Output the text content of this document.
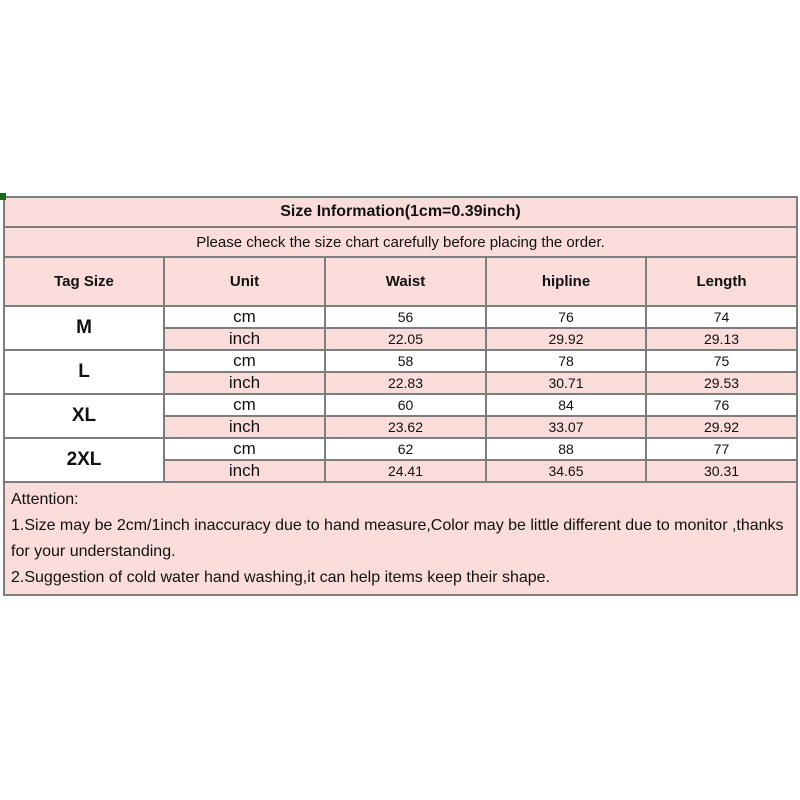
Size Information(1cm=0.39inch)				
Please check the size chart carefully before placing the order.				
Tag Size	Unit	Waist	hipline	Length
M	cm	56	76	74
	inch	22.05	29.92	29.13
L	cm	58	78	75
	inch	22.83	30.71	29.53
XL	cm	60	84	76
	inch	23.62	33.07	29.92
2XL	cm	62	88	77
	inch	24.41	34.65	30.31

Attention:
1.Size may be 2cm/1inch inaccuracy due to hand measure,Color may be little different due to monitor ,thanks for your understanding.
2.Suggestion of cold water hand washing,it can help items keep their shape.				
